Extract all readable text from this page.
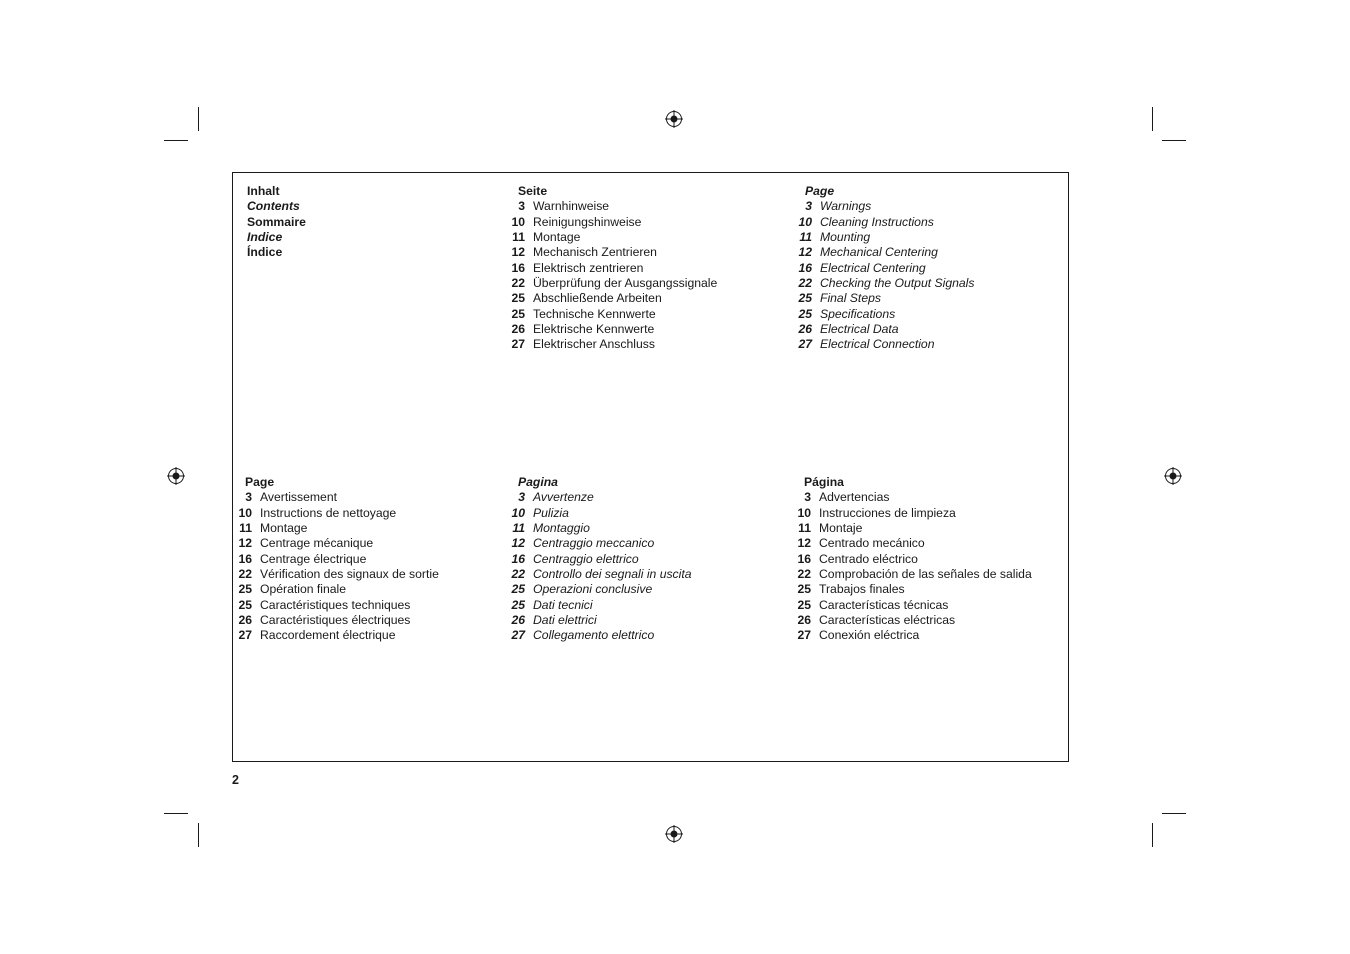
Inhalt
Contents
Sommaire
Indice
Índice
Seite
3 Warnhinweise
10 Reinigungshinweise
11 Montage
12 Mechanisch Zentrieren
16 Elektrisch zentrieren
22 Überprüfung der Ausgangssignale
25 Abschließende Arbeiten
25 Technische Kennwerte
26 Elektrische Kennwerte
27 Elektrischer Anschluss
Page
3 Warnings
10 Cleaning Instructions
11 Mounting
12 Mechanical Centering
16 Electrical Centering
22 Checking the Output Signals
25 Final Steps
25 Specifications
26 Electrical Data
27 Electrical Connection
Page
3 Avertissement
10 Instructions de nettoyage
11 Montage
12 Centrage mécanique
16 Centrage électrique
22 Vérification des signaux de sortie
25 Opération finale
25 Caractéristiques techniques
26 Caractéristiques électriques
27 Raccordement électrique
Pagina
3 Avvertenze
10 Pulizia
11 Montaggio
12 Centraggio meccanico
16 Centraggio elettrico
22 Controllo dei segnali in uscita
25 Operazioni conclusive
25 Dati tecnici
26 Dati elettrici
27 Collegamento elettrico
Página
3 Advertencias
10 Instrucciones de limpieza
11 Montaje
12 Centrado mecánico
16 Centrado eléctrico
22 Comprobación de las señales de salida
25 Trabajos finales
25 Características técnicas
26 Características eléctricas
27 Conexión eléctrica
2
